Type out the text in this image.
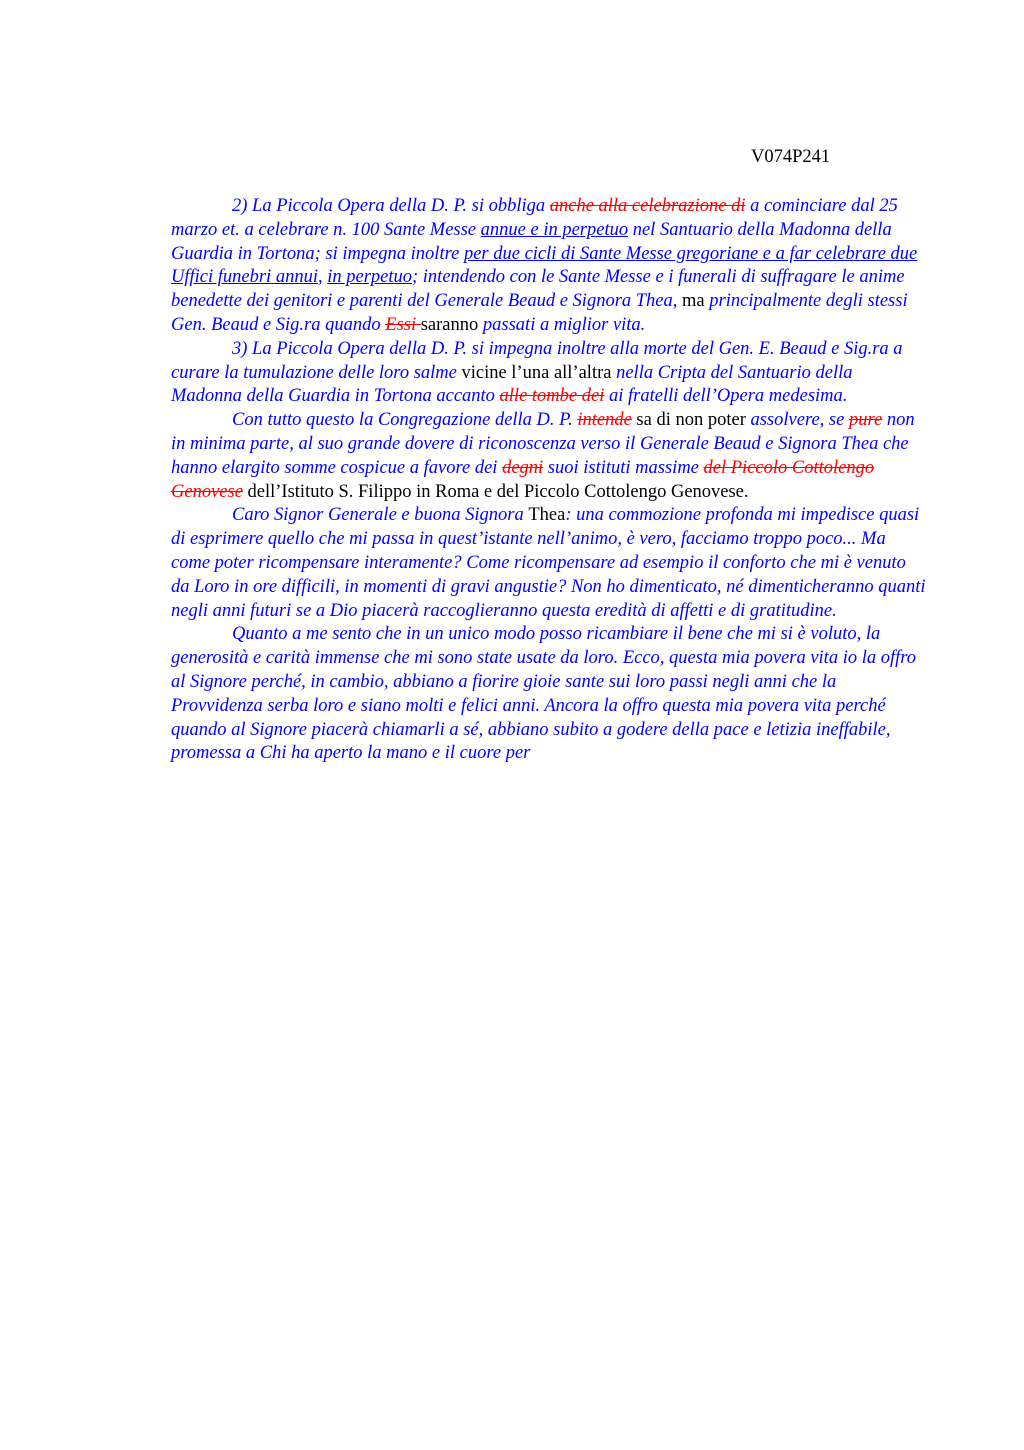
V074P241

2) La Piccola Opera della D. P. si obbliga anche alla celebrazione di a cominciare dal 25 marzo et. a celebrare n. 100 Sante Messe annue e in perpetuo nel Santuario della Madonna della Guardia in Tortona; si impegna inoltre per due cicli di Sante Messe gregoriane e a far celebrare due Uffici funebri annui, in perpetuo; intendendo con le Sante Messe e i funerali di suffragare le anime benedette dei genitori e parenti del Generale Beaud e Signora Thea, ma principalmente degli stessi Gen. Beaud e Sig.ra quando Essi saranno passati a miglior vita.

3) La Piccola Opera della D. P. si impegna inoltre alla morte del Gen. E. Beaud e Sig.ra a curare la tumulazione delle loro salme vicine l’una all’altra nella Cripta del Santuario della Madonna della Guardia in Tortona accanto alle tombe dei ai fratelli dell’Opera medesima.

Con tutto questo la Congregazione della D. P. intende sa di non poter assolvere, se pure non in minima parte, al suo grande dovere di riconoscenza verso il Generale Beaud e Signora Thea che hanno elargito somme cospicue a favore dei degni suoi istituti massime del Piccolo Cottolengo Genovese dell’Istituto S. Filippo in Roma e del Piccolo Cottolengo Genovese.

Caro Signor Generale e buona Signora Thea: una commozione profonda mi impedisce quasi di esprimere quello che mi passa in quest’istante nell’animo, è vero, facciamo troppo poco... Ma come poter ricompensare interamente? Come ricompensare ad esempio il conforto che mi è venuto da Loro in ore difficili, in momenti di gravi angustie? Non ho dimenticato, né dimenticheranno quanti negli anni futuri se a Dio piacerà raccoglieranno questa eredità di affetti e di gratitudine.

Quanto a me sento che in un unico modo posso ricambiare il bene che mi si è voluto, la generosità e carità immense che mi sono state usate da loro. Ecco, questa mia povera vita io la offro al Signore perché, in cambio, abbiano a fiorire gioie sante sui loro passi negli anni che la Provvidenza serba loro e siano molti e felici anni. Ancora la offro questa mia povera vita perché quando al Signore piacerà chiamarli a sé, abbiano subito a godere della pace e letizia ineffabile, promessa a Chi ha aperto la mano e il cuore per
